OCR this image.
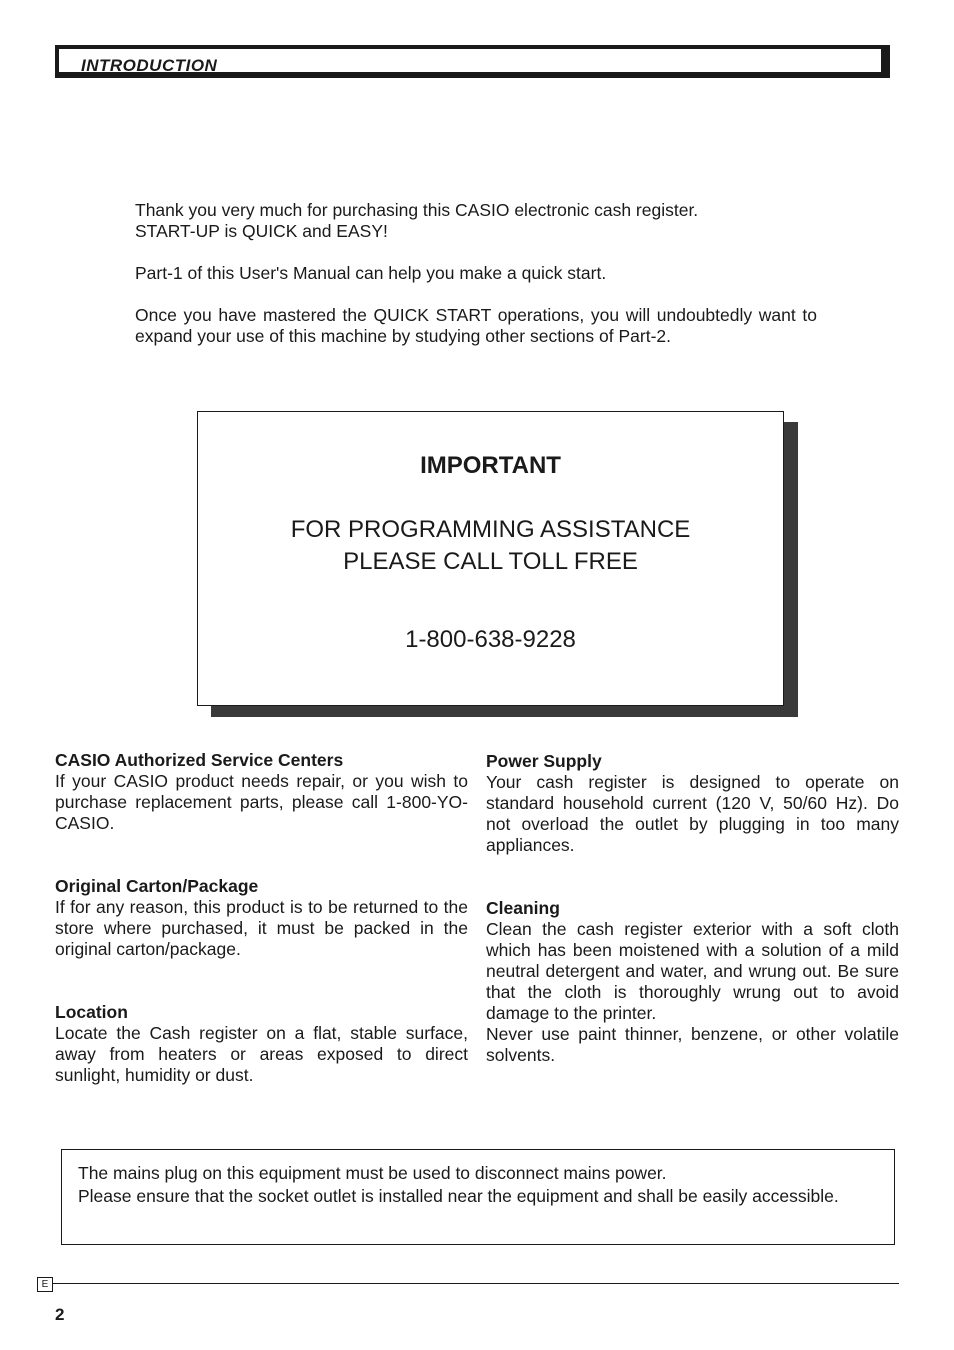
INTRODUCTION

Thank you very much for purchasing this CASIO electronic cash register.
START-UP is QUICK and EASY!

Part-1 of this User's Manual can help you make a quick start.

Once you have mastered the QUICK START operations, you will undoubtedly want to expand your use of this machine by studying other sections of Part-2.

IMPORTANT
FOR PROGRAMMING ASSISTANCE
PLEASE CALL TOLL FREE
1-800-638-9228
CASIO Authorized Service Centers

If your CASIO product needs repair, or you wish to purchase replacement parts, please call 1-800-YO-CASIO.

Original Carton/Package

If for any reason, this product is to be returned to the store where purchased, it must be packed in the original carton/package.

Location

Locate the Cash register on a flat, stable surface, away from heaters or areas exposed to direct sunlight, humidity or dust.

Power Supply

Your cash register is designed to operate on standard household current (120 V, 50/60 Hz). Do not overload the outlet by plugging in too many appliances.

Cleaning

Clean the cash register exterior with a soft cloth which has been moistened with a solution of a mild neutral detergent and water, and wrung out. Be sure that the cloth is thoroughly wrung out to avoid damage to the printer.

Never use paint thinner, benzene, or other volatile solvents.

The mains plug on this equipment must be used to disconnect mains power.

Please ensure that the socket outlet is installed near the equipment and shall be easily accessible.

E
2
